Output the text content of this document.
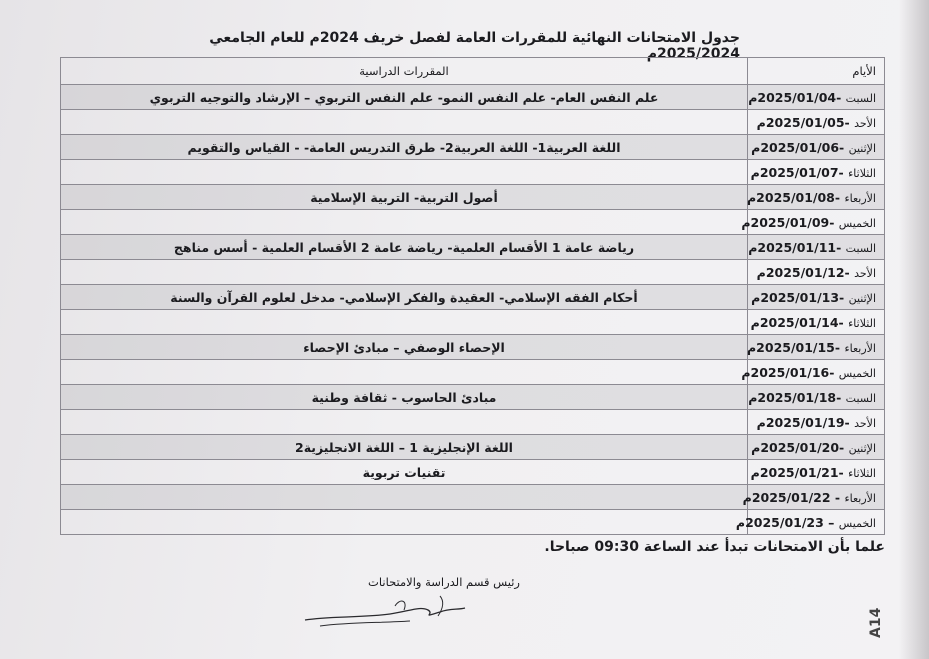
جدول الامتحانات النهائية للمقررات العامة لفصل خريف 2024م للعام الجامعي 2025/2024م
الأيام	المقررات الدراسية
السبت -2025/01/04م	علم النفس العام- علم النفس النمو- علم النفس التربوي – الإرشاد والتوجيه التربوي
الأحد -2025/01/05م	
الإثنين -2025/01/06م	اللغة العربية1- اللغة العربية2- طرق التدريس العامة- - القياس والتقويم
الثلاثاء -2025/01/07م	
الأربعاء -2025/01/08م	أصول التربية- التربية الإسلامية
الخميس -2025/01/09م	
السبت -2025/01/11م	رياضة عامة 1 الأقسام العلمية- رياضة عامة 2 الأقسام العلمية - أسس مناهج
الأحد -2025/01/12م	
الإثنين -2025/01/13م	أحكام الفقه الإسلامي- العقيدة والفكر الإسلامي- مدخل لعلوم القرآن والسنة
الثلاثاء -2025/01/14م	
الأربعاء -2025/01/15م	الإحصاء الوصفي – مبادئ الإحصاء
الخميس -2025/01/16م	
السبت -2025/01/18م	مبادئ الحاسوب - ثقافة وطنية
الأحد -2025/01/19م	
الإثنين -2025/01/20م	اللغة الإنجليزية 1 – اللغة الانجليزية2
الثلاثاء -2025/01/21م	تقنيات تربوية
الأربعاء - 2025/01/22م	
الخميس – 2025/01/23م	
علما بأن الامتحانات تبدأ عند الساعة 09:30 صباحا.
رئيس قسم الدراسة والامتحانات
A14
